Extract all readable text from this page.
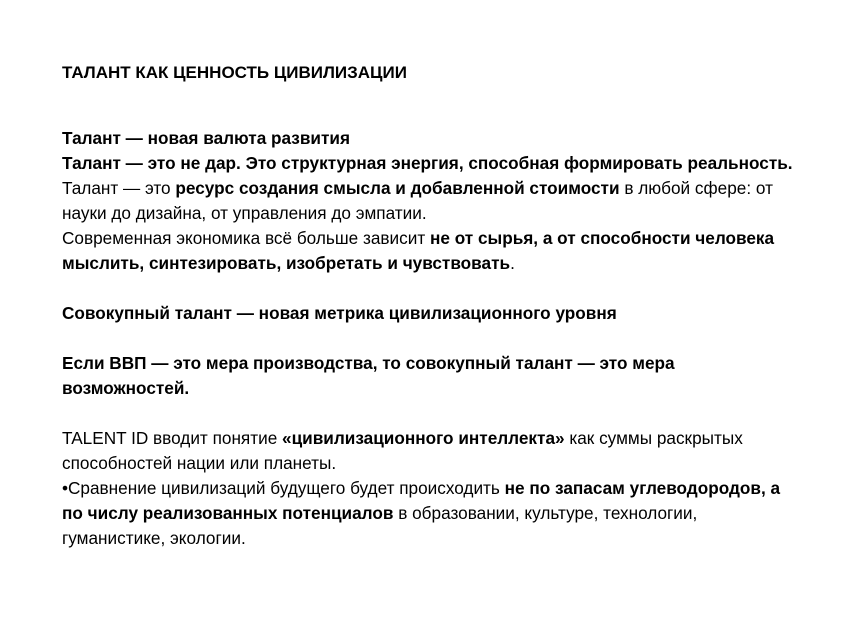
ТАЛАНТ КАК ЦЕННОСТЬ ЦИВИЛИЗАЦИИ

Талант — новая валюта развития

Талант — это не дар. Это структурная энергия, способная формировать реальность.

Талант — это ресурс создания смысла и добавленной стоимости в любой сфере: от науки до дизайна, от управления до эмпатии.

Современная экономика всё больше зависит не от сырья, а от способности человека мыслить, синтезировать, изобретать и чувствовать.

Совокупный талант — новая метрика цивилизационного уровня

Если ВВП — это мера производства, то совокупный талант — это мера возможностей.

TALENT ID вводит понятие «цивилизационного интеллекта» как суммы раскрытых способностей нации или планеты.

•Сравнение цивилизаций будущего будет происходить не по запасам углеводородов, а по числу реализованных потенциалов в образовании, культуре, технологии, гуманистике, экологии.
